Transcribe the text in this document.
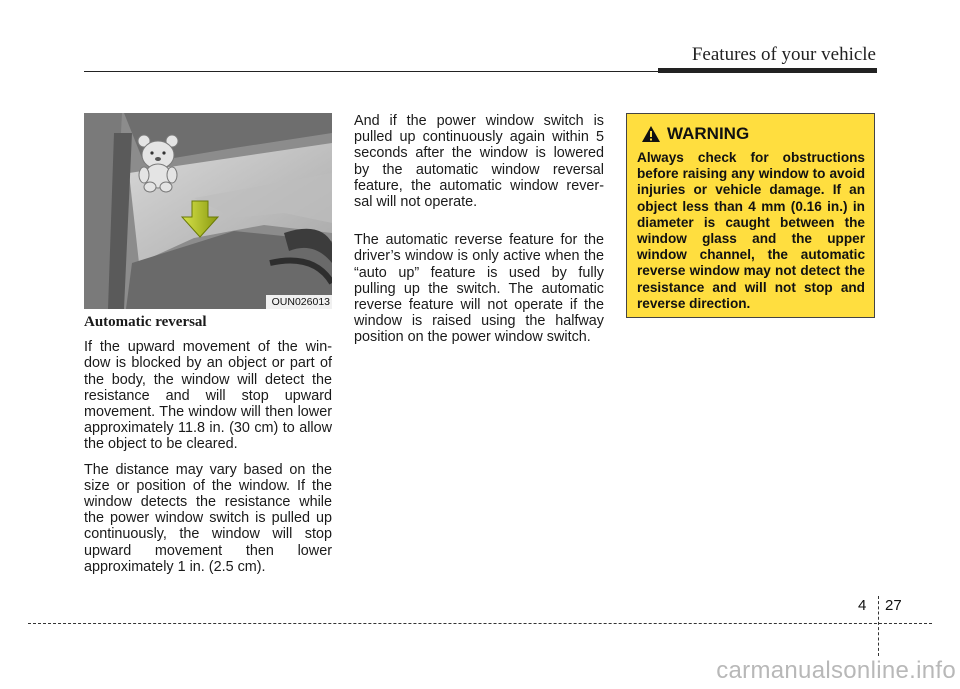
Features of your vehicle
OUN026013

Automatic reversal

If the upward movement of the win- dow is blocked by an object or part of the body, the window will detect the resistance and will stop upward movement. The window will then lower approximately 11.8 in. (30 cm) to allow the object to be cleared.

The distance may vary based on the size or position of the window. If the window detects the resistance while the power window switch is pulled up continuously, the window will stop upward movement then lower approximately 1 in. (2.5 cm).

And if the power window switch is pulled up continuously again within 5 seconds after the window is lowered by the automatic window reversal feature, the automatic window rever- sal will not operate.

The automatic reverse feature for the driver’s window is only active when the “auto up” feature is used by fully pulling up the switch. The automatic reverse feature will not operate if the window is raised using the halfway position on the power window switch.

WARNING
Always check for obstructions before raising any window to avoid injuries or vehicle damage. If an object less than 4 mm (0.16 in.) in diameter is caught between the window glass and the upper window channel, the automatic reverse window may not detect the resistance and will not stop and reverse direction.
4 27
carmanualsonline.info
